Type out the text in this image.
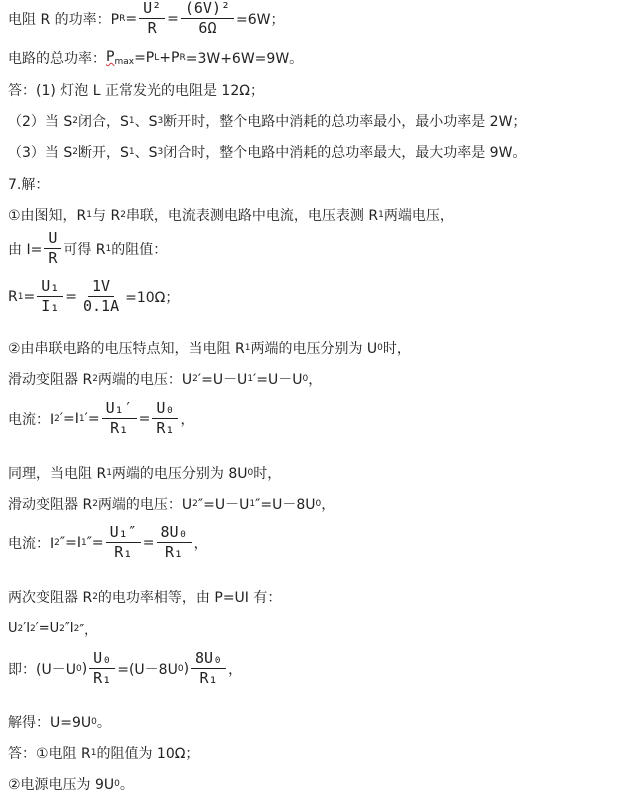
电阻 R 的功率：P $R = \frac{\text{U²}}{R} = \frac{\text{(6V)²}}{6\Omega} =6W$；
电路的总功率： $P_{max} =P$ L +P R =3W+6W=9W。
答：(1) 灯泡 L 正常发光的电阻是 12Ω；
（2）当 S 2 闭合，S 1 、S 3 断开时，整个电路中消耗的总功率最小，最小功率是 2W；
（3）当 S 2 断开，S 1 、S 3 闭合时，整个电路中消耗的总功率最大，最大功率是 9W。
7.解：
①由图知，R 1 与 R 2 串联，电流表测电路中电流，电压表测 R 1 两端电压，
由 $I= \frac{U}{R}$ 可得 R 1 的阻值：
R $1 = \frac{\text{U₁}}{\text{I₁}} = \frac{1V}{0.1A} =10\Omega$；
②由串联电路的电压特点知，当电阻 R 1 两端的电压分别为 U 0 时，
滑动变阻器 R 2 两端的电压：U 2 ′=U－U 1 ′=U－U 0 ，
电流：I 2 ′=I 1 ′= $\frac{\text{U₁′}}{\text{R₁}} = \frac{\text{U₀}}{\text{R₁}}$ ，
同理，当电阻 R 1 两端的电压分别为 8U 0 时，
滑动变阻器 R 2 两端的电压：U 2 ″=U－U 1 ″=U－8U 0 ，
电流：I 2 ″=I 1 ″= $\frac{\text{U₁″}}{\text{R₁}} = \frac{\text{8U₀}}{\text{R₁}}$ ，
两次变阻器 R 2 的电功率相等，由 P=UI 有：
U 2 ′I 2 ′=U 2 ″I 2 ″，
即：(U－U 0 ) $\frac{\text{U₀}}{\text{R₁}} =(U-8U$ 0 ) $\frac{\text{8U₀}}{\text{R₁}}$ ，
解得：U=9U 0 。
答：①电阻 R 1 的阻值为 10Ω；
②电源电压为 9U 0 。
